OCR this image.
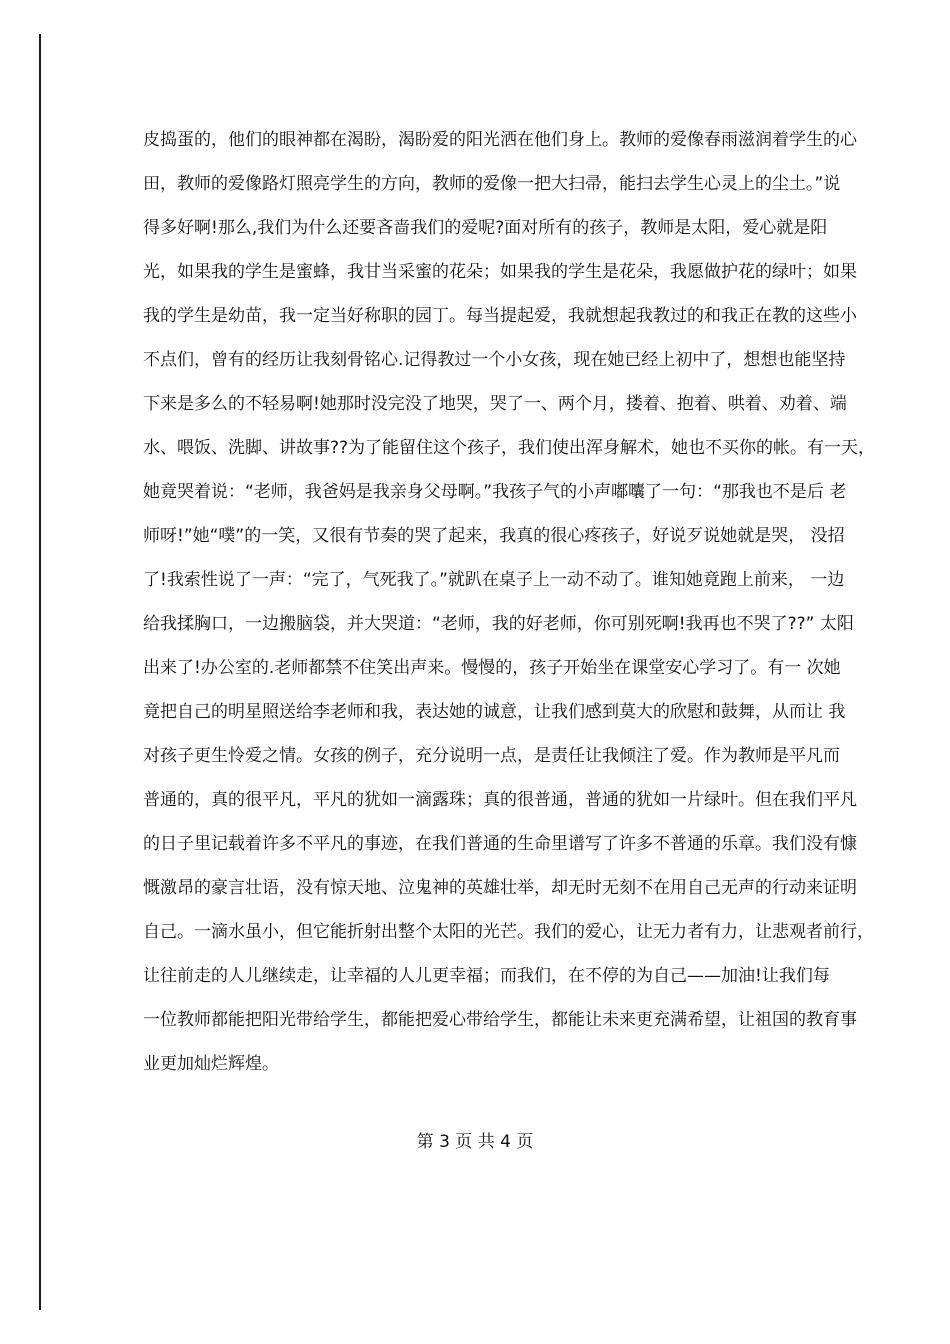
皮捣蛋的，他们的眼神都在渴盼，渴盼爱的阳光洒在他们身上。教师的爱像春雨滋润着学生的心
田，教师的爱像路灯照亮学生的方向，教师的爱像一把大扫帚，能扫去学生心灵上的尘土。”说
得多好啊!那么,我们为什么还要吝啬我们的爱呢?面对所有的孩子，教师是太阳，爱心就是阳
光，如果我的学生是蜜蜂，我甘当采蜜的花朵；如果我的学生是花朵，我愿做护花的绿叶；如果
我的学生是幼苗，我一定当好称职的园丁。每当提起爱，我就想起我教过的和我正在教的这些小
不点们，曾有的经历让我刻骨铭心.记得教过一个小女孩，现在她已经上初中了，想想也能坚持
下来是多么的不轻易啊!她那时没完没了地哭，哭了一、两个月，搂着、抱着、哄着、劝着、端
水、喂饭、洗脚、讲故事??为了能留住这个孩子，我们使出浑身解术，她也不买你的帐。有一天，
她竟哭着说：“老师，我爸妈是我亲身父母啊。”我孩子气的小声嘟囔了一句：“那我也不是后 老
师呀!”她“噗”的一笑，又很有节奏的哭了起来，我真的很心疼孩子，好说歹说她就是哭， 没招
了!我索性说了一声：“完了，气死我了。”就趴在桌子上一动不动了。谁知她竟跑上前来， 一边
给我揉胸口，一边搬脑袋，并大哭道：“老师，我的好老师，你可别死啊!我再也不哭了??” 太阳
出来了!办公室的.老师都禁不住笑出声来。慢慢的，孩子开始坐在课堂安心学习了。有一 次她
竟把自己的明星照送给李老师和我，表达她的诚意，让我们感到莫大的欣慰和鼓舞，从而让 我
对孩子更生怜爱之情。女孩的例子，充分说明一点，是责任让我倾注了爱。作为教师是平凡而
普通的，真的很平凡，平凡的犹如一滴露珠；真的很普通，普通的犹如一片绿叶。但在我们平凡
的日子里记载着许多不平凡的事迹，在我们普通的生命里谱写了许多不普通的乐章。我们没有慷
慨激昂的豪言壮语，没有惊天地、泣鬼神的英雄壮举，却无时无刻不在用自己无声的行动来证明
自己。一滴水虽小，但它能折射出整个太阳的光芒。我们的爱心，让无力者有力，让悲观者前行，
让往前走的人儿继续走，让幸福的人儿更幸福；而我们，在不停的为自己——加油!让我们每
一位教师都能把阳光带给学生，都能把爱心带给学生，都能让未来更充满希望，让祖国的教育事
业更加灿烂辉煌。
第 3 页 共 4 页
